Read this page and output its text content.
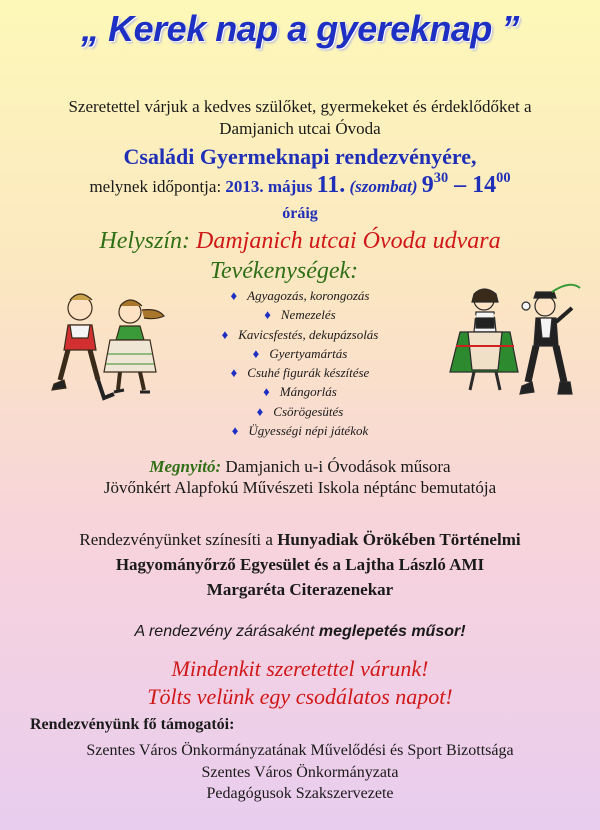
„ Kerek nap a gyereknap ”
Szeretettel várjuk a kedves szülőket, gyermekeket és érdeklődőket a
Damjanich utcai Óvoda
Családi Gyermeknapi rendezvényére,
melynek időpontja: 2013. május 11. (szombat) $9^{30} - 14^{00}$
óráig
Helyszín: Damjanich utcai Óvoda udvara
Tevékenységek:
♦ Agyagozás, korongozás
♦ Nemezelés
♦ Kavicsfestés, dekupázsolás
♦ Gyertyamártás
♦ Csuhé figurák készítése
♦ Mángorlás
♦ Csörögesütés
♦ Ügyességi népi játékok
Megnyitó: Damjanich u-i Óvodások műsora
Jövőnkért Alapfokú Művészeti Iskola néptánc bemutatója
Rendezvényünket színesíti a Hunyadiak Örökében Történelmi
Hagyományőrző Egyesület és a Lajtha László AMI
Margaréta Citerazenekar
A rendezvény zárásaként meglepetés műsor!
Mindenkit szeretettel várunk!
Tölts velünk egy csodálatos napot!
Rendezvényünk fő támogatói:
Szentes Város Önkormányzatának Művelődési és Sport Bizottsága
Szentes Város Önkormányzata
Pedagógusok Szakszervezete
